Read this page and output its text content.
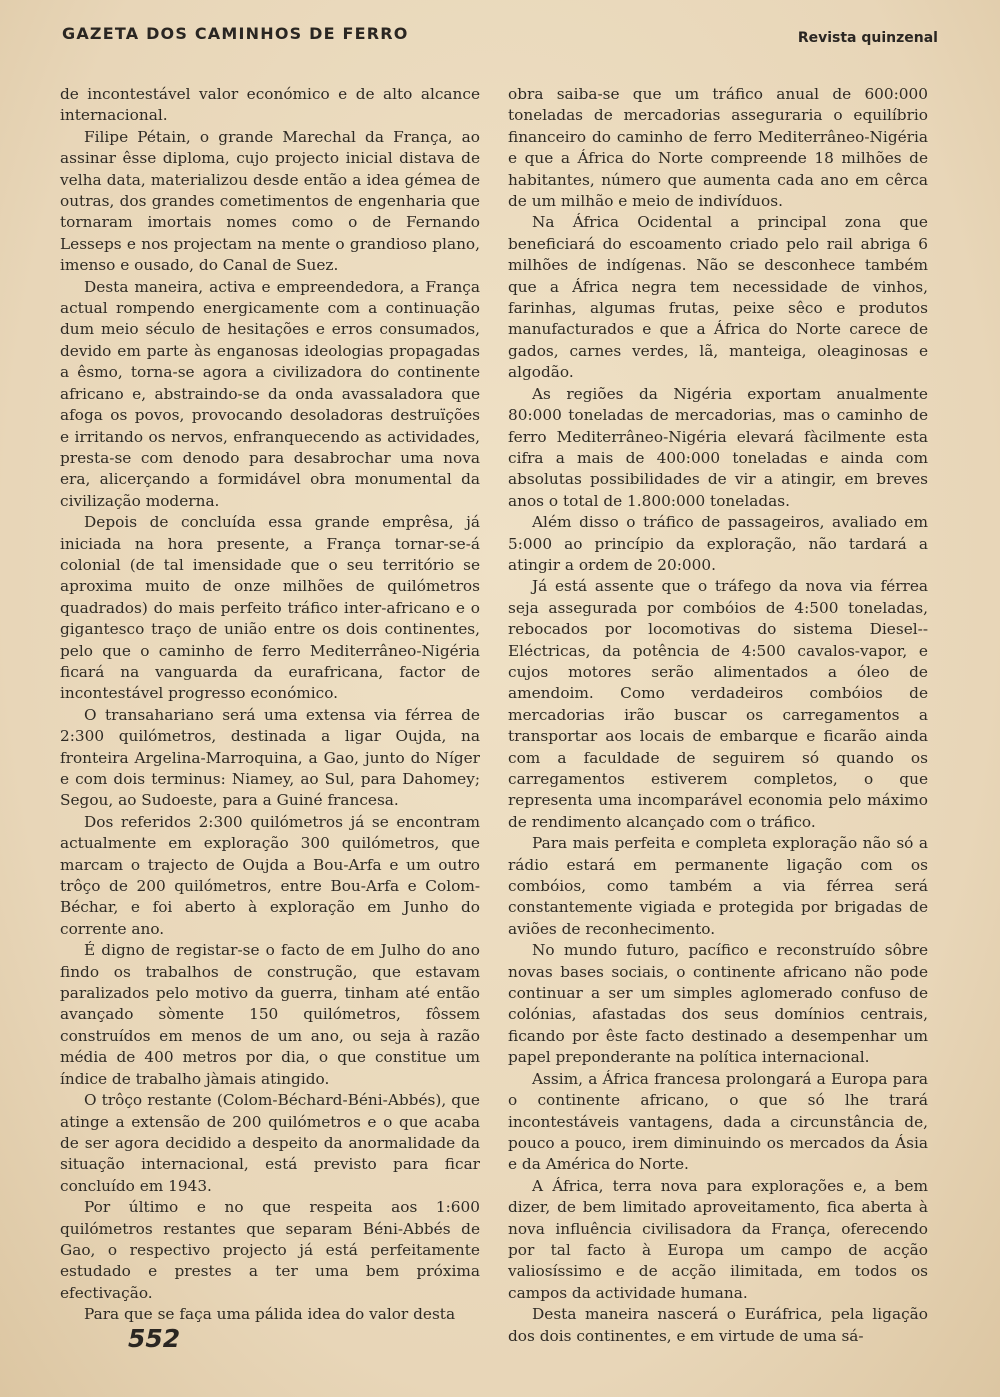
GAZETA DOS CAMINHOS DE FERRO	Revista quinzenal

de incontestável valor económico e de alto alcance internacional.

Filipe Pétain, o grande Marechal da França, ao assinar êsse diploma, cujo projecto inicial distava de velha data, materializou desde então a idea gémea de outras, dos grandes cometimentos de engenharia que tornaram imortais nomes como o de Fernando Lesseps e nos projectam na mente o grandioso plano, imenso e ousado, do Canal de Suez.

Desta maneira, activa e empreendedora, a França actual rompendo energicamente com a continuação dum meio século de hesitações e erros consumados, devido em parte às enganosas ideologias propagadas a êsmo, torna-se agora a civilizadora do continente africano e, abstraindo-se da onda avassaladora que afoga os povos, provocando desoladoras destruïções e irritando os nervos, enfranquecendo as actividades, presta-se com denodo para desabrochar uma nova era, alicerçando a formidável obra monumental da civilização moderna.

Depois de concluída essa grande emprêsa, já iniciada na hora presente, a França tornar-se-á colonial (de tal imensidade que o seu território se aproxima muito de onze milhões de quilómetros quadrados) do mais perfeito tráfico inter-africano e o gigantesco traço de união entre os dois continentes, pelo que o caminho de ferro Mediterrâneo-Nigéria ficará na vanguarda da eurafricana, factor de incontestável progresso económico.

O transahariano será uma extensa via férrea de 2:300 quilómetros, destinada a ligar Oujda, na fronteira Argelina-Marroquina, a Gao, junto do Níger e com dois terminus: Niamey, ao Sul, para Dahomey; Segou, ao Sudoeste, para a Guiné francesa.

Dos referidos 2:300 quilómetros já se encontram actualmente em exploração 300 quilómetros, que marcam o trajecto de Oujda a Bou-Arfa e um outro trôço de 200 quilómetros, entre Bou-Arfa e Colom-Béchar, e foi aberto à exploração em Junho do corrente ano.

É digno de registar-se o facto de em Julho do ano findo os trabalhos de construção, que estavam paralizados pelo motivo da guerra, tinham até então avançado sòmente 150 quilómetros, fôssem construídos em menos de um ano, ou seja à razão média de 400 metros por dia, o que constitue um índice de trabalho jàmais atingido.

O trôço restante (Colom-Béchard-Béni-Abbés), que atinge a extensão de 200 quilómetros e o que acaba de ser agora decidido a despeito da anormalidade da situação internacional, está previsto para ficar concluído em 1943.

Por último e no que respeita aos 1:600 quilómetros restantes que separam Béni-Abbés de Gao, o respectivo projecto já está perfeitamente estudado e prestes a ter uma bem próxima efectivação.

Para que se faça uma pálida idea do valor desta

obra saiba-se que um tráfico anual de 600:000 toneladas de mercadorias asseguraria o equilíbrio financeiro do caminho de ferro Mediterrâneo-Nigéria e que a África do Norte compreende 18 milhões de habitantes, número que aumenta cada ano em cêrca de um milhão e meio de indivíduos.

Na África Ocidental a principal zona que beneficiará do escoamento criado pelo rail abriga 6 milhões de indígenas. Não se desconhece também que a África negra tem necessidade de vinhos, farinhas, algumas frutas, peixe sêco e produtos manufacturados e que a África do Norte carece de gados, carnes verdes, lã, manteiga, oleaginosas e algodão.

As regiões da Nigéria exportam anualmente 80:000 toneladas de mercadorias, mas o caminho de ferro Mediterrâneo-Nigéria elevará fàcilmente esta cifra a mais de 400:000 toneladas e ainda com absolutas possibilidades de vir a atingir, em breves anos o total de 1.800:000 toneladas.

Além disso o tráfico de passageiros, avaliado em 5:000 ao princípio da exploração, não tardará a atingir a ordem de 20:000.

Já está assente que o tráfego da nova via férrea seja assegurada por combóios de 4:500 toneladas, rebocados por locomotivas do sistema Diesel--Eléctricas, da potência de 4:500 cavalos-vapor, e cujos motores serão alimentados a óleo de amendoim. Como verdadeiros combóios de mercadorias irão buscar os carregamentos a transportar aos locais de embarque e ficarão ainda com a faculdade de seguirem só quando os carregamentos estiverem completos, o que representa uma incomparável economia pelo máximo de rendimento alcançado com o tráfico.

Para mais perfeita e completa exploração não só a rádio estará em permanente ligação com os combóios, como também a via férrea será constantemente vigiada e protegida por brigadas de aviões de reconhecimento.

No mundo futuro, pacífico e reconstruído sôbre novas bases sociais, o continente africano não pode continuar a ser um simples aglomerado confuso de colónias, afastadas dos seus domínios centrais, ficando por êste facto destinado a desempenhar um papel preponderante na política internacional.

Assim, a África francesa prolongará a Europa para o continente africano, o que só lhe trará incontestáveis vantagens, dada a circunstância de, pouco a pouco, irem diminuindo os mercados da Ásia e da América do Norte.

A África, terra nova para explorações e, a bem dizer, de bem limitado aproveitamento, fica aberta à nova influência civilisadora da França, oferecendo por tal facto à Europa um campo de acção valiosíssimo e de acção ilimitada, em todos os campos da actividade humana.

Desta maneira nascerá o Euráfrica, pela ligação dos dois continentes, e em virtude de uma sá-

552
